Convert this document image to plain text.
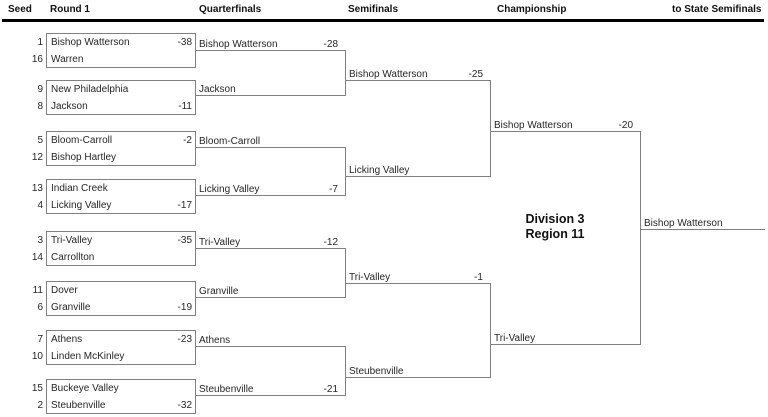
Seed Round 1	Quarterfinals	Semifinals	Championship	to State Semifinals
1 Bishop Watterson	-38
16 Warren
9 New Philadelphia
8 Jackson	-11
5 Bloom-Carroll	-2
12 Bishop Hartley
13 Indian Creek
4 Licking Valley	-17
3 Tri-Valley	-35
14 Carrollton
11 Dover
6 Granville	-19
7 Athens	-23
10 Linden McKinley
15 Buckeye Valley
2 Steubenville	-32
Bishop Watterson	-28
Jackson
Bloom-Carroll
Licking Valley	-7
Tri-Valley	-12
Granville
Athens
Steubenville	-21
Bishop Watterson	-25
Licking Valley
Tri-Valley	-1
Steubenville
Bishop Watterson	-20
Tri-Valley
Bishop Watterson
Division 3
Region 11
